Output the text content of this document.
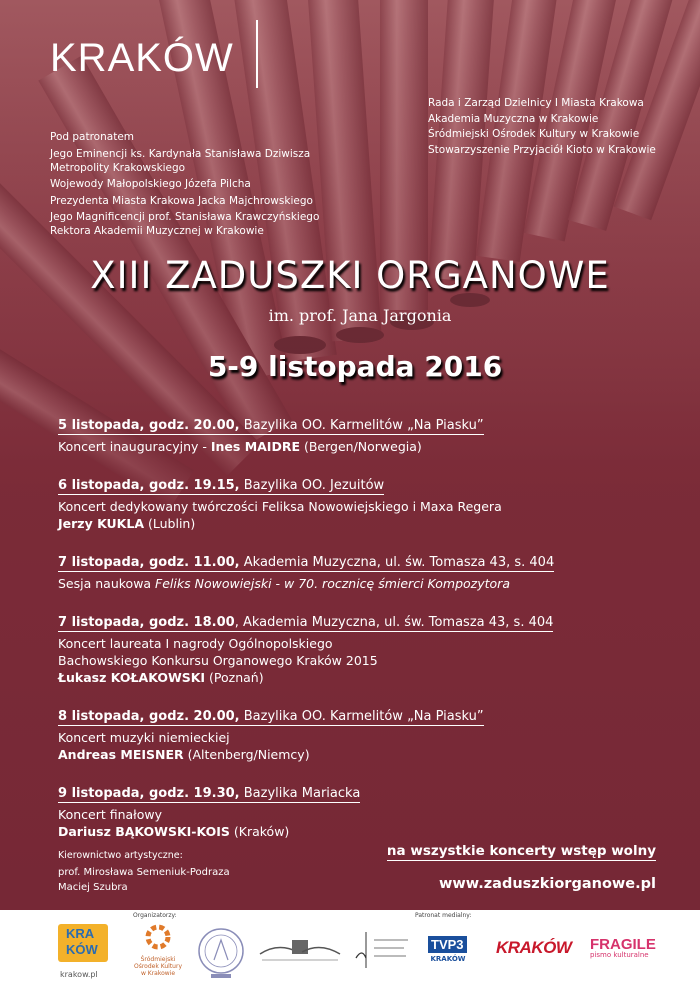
KRAKÓW
Pod patronatem
Jego Eminencji ks. Kardynała Stanisława Dziwisza
Metropolity Krakowskiego
Wojewody Małopolskiego Józefa Pilcha
Prezydenta Miasta Krakowa Jacka Majchrowskiego
Jego Magnificencji prof. Stanisława Krawczyńskiego
Rektora Akademii Muzycznej w Krakowie
Rada i Zarząd Dzielnicy I Miasta Krakowa
Akademia Muzyczna w Krakowie
Śródmiejski Ośrodek Kultury w Krakowie
Stowarzyszenie Przyjaciół Kioto w Krakowie
XIII ZADUSZKI ORGANOWE
im. prof. Jana Jargonia
5-9 listopada 2016
5 listopada, godz. 20.00, Bazylika OO. Karmelitów „Na Piasku”
Koncert inauguracyjny - Ines MAIDRE (Bergen/Norwegia)
6 listopada, godz. 19.15, Bazylika OO. Jezuitów
Koncert dedykowany twórczości Feliksa Nowowiejskiego i Maxa Regera
Jerzy KUKLA (Lublin)
7 listopada, godz. 11.00, Akademia Muzyczna, ul. św. Tomasza 43, s. 404
Sesja naukowa Feliks Nowowiejski - w 70. rocznicę śmierci Kompozytora
7 listopada, godz. 18.00, Akademia Muzyczna, ul. św. Tomasza 43, s. 404
Koncert laureata I nagrody Ogólnopolskiego
Bachowskiego Konkursu Organowego Kraków 2015
Łukasz KOŁAKOWSKI (Poznań)
8 listopada, godz. 20.00, Bazylika OO. Karmelitów „Na Piasku”
Koncert muzyki niemieckiej
Andreas MEISNER (Altenberg/Niemcy)
9 listopada, godz. 19.30, Bazylika Mariacka
Koncert finałowy
Dariusz BĄKOWSKI-KOIS (Kraków)
Kierownictwo artystyczne:
prof. Mirosława Semeniuk-Podraza
Maciej Szubra
na wszystkie koncerty wstęp wolny
www.zaduszkiorganowe.pl
Organizatorzy:	Patronat medialny:
KRA
KÓW
krakow.pl
Śródmiejski
Ośrodek Kultury
w Krakowie
TVP3
KRAKÓW
KRAKÓW	FRAGILE
pismo kulturalne
